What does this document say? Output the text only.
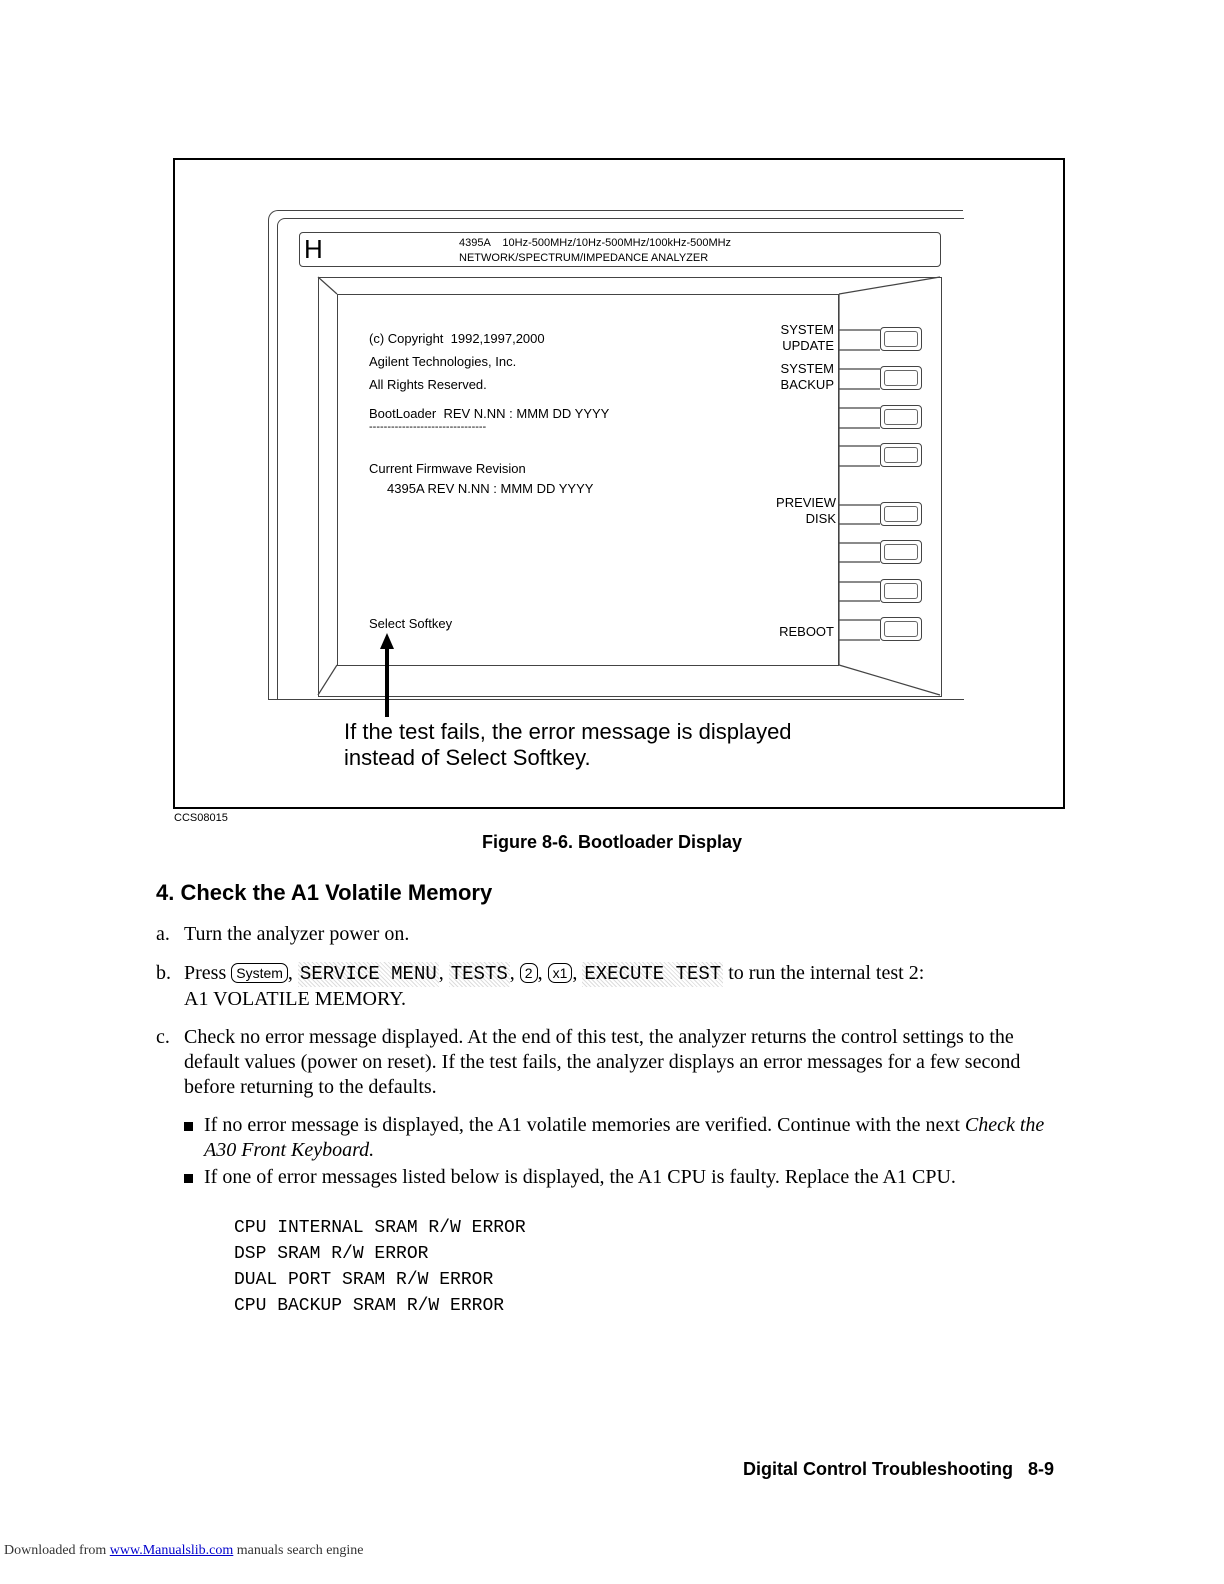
H	4395A    10Hz-500MHz/10Hz-500MHz/100kHz-500MHz
NETWORK/SPECTRUM/IMPEDANCE ANALYZER
(c) Copyright  1992,1997,2000
Agilent Technologies, Inc.
All Rights Reserved.
BootLoader  REV N.NN : MMM DD YYYY
--------------------------------
Current Firmwave Revision
4395A REV N.NN : MMM DD YYYY
Select Softkey
SYSTEM
UPDATE
SYSTEM
BACKUP
PREVIEW
DISK
REBOOT
If the test fails, the error message is displayed
instead of Select Softkey.
CCS08015
Figure 8-6. Bootloader Display
4. Check the A1 Volatile Memory
a. Turn the analyzer power on.
b. Press System , SERVICE MENU , TESTS , 2 , x1 , EXECUTE TEST to run the internal test 2:
A1 VOLATILE MEMORY.
c. Check no error message displayed. At the end of this test, the analyzer returns the control settings to the default values (power on reset). If the test fails, the analyzer displays an error messages for a few second before returning to the defaults.
If no error message is displayed, the A1 volatile memories are verified. Continue with the next Check the A30 Front Keyboard.
If one of error messages listed below is displayed, the A1 CPU is faulty. Replace the A1 CPU.
CPU INTERNAL SRAM R/W ERROR
DSP SRAM R/W ERROR
DUAL PORT SRAM R/W ERROR
CPU BACKUP SRAM R/W ERROR
Digital Control Troubleshooting 8-9
Downloaded from www.Manualslib.com manuals search engine
